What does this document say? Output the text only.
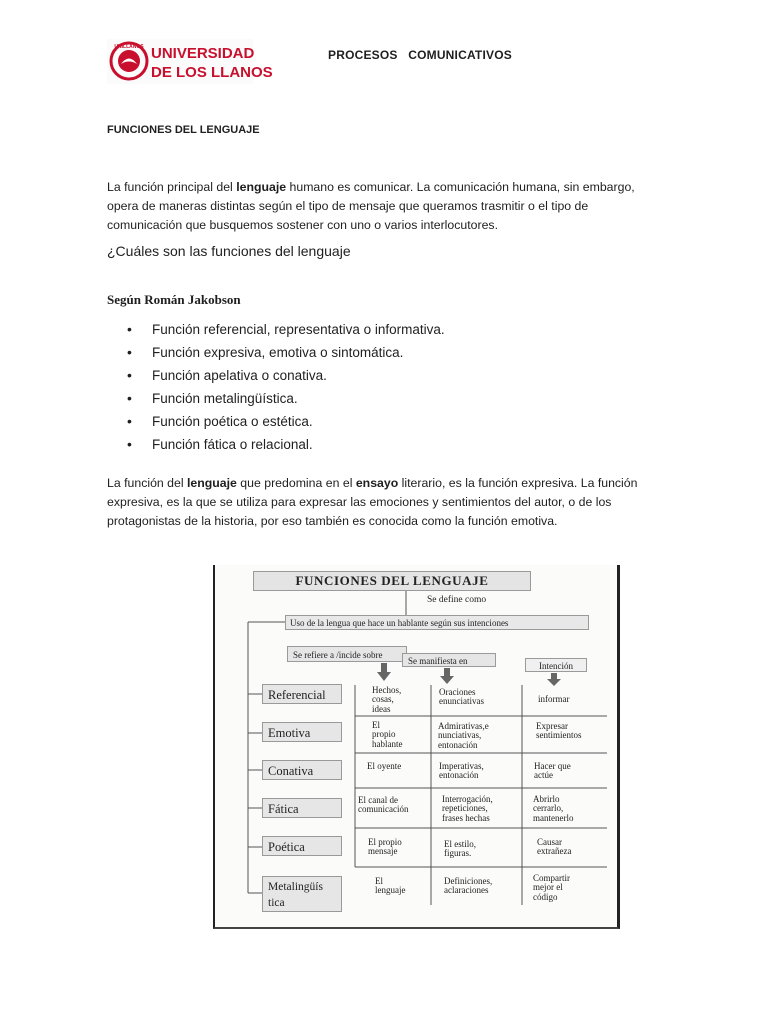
UNILLANOS UNIVERSIDAD
DE LOS LLANOS
PROCESOS   COMUNICATIVOS
FUNCIONES DEL LENGUAJE
La función principal del lenguaje humano es comunicar. La comunicación humana, sin embargo, opera de maneras distintas según el tipo de mensaje que queramos trasmitir o el tipo de comunicación que busquemos sostener con uno o varios interlocutores.
¿Cuáles son las funciones del lenguaje
Según Román Jakobson
• Función referencial, representativa o informativa.
• Función expresiva, emotiva o sintomática.
• Función apelativa o conativa.
• Función metalingüística.
• Función poética o estética.
• Función fática o relacional.
La función del lenguaje que predomina en el ensayo literario, es la función expresiva. La función expresiva, es la que se utiliza para expresar las emociones y sentimientos del autor, o de los protagonistas de la historia, por eso también es conocida como la función emotiva.
FUNCIONES DEL LENGUAJE
Se define como
Uso de la lengua que hace un hablante según sus intenciones
Se refiere a /incide sobre
Se manifiesta en	Intención
Referencial
Emotiva
Conativa
Fática
Poética
Metalingüís tica
Hechos,
cosas,
ideas
El
propio
hablante
El oyente
El canal de
comunicación
El propio
mensaje
El
lenguaje
Oraciones
enunciativas
Admirativas,e
nunciativas,
entonación
Imperativas,
entonación
Interrogación,
repeticiones,
frases hechas
El estilo,
figuras.
Definiciones,
aclaraciones
informar
Expresar
sentimientos
Hacer que
actúe
Abrirlo
cerrarlo,
mantenerlo
Causar
extrañeza
Compartir
mejor el
código
